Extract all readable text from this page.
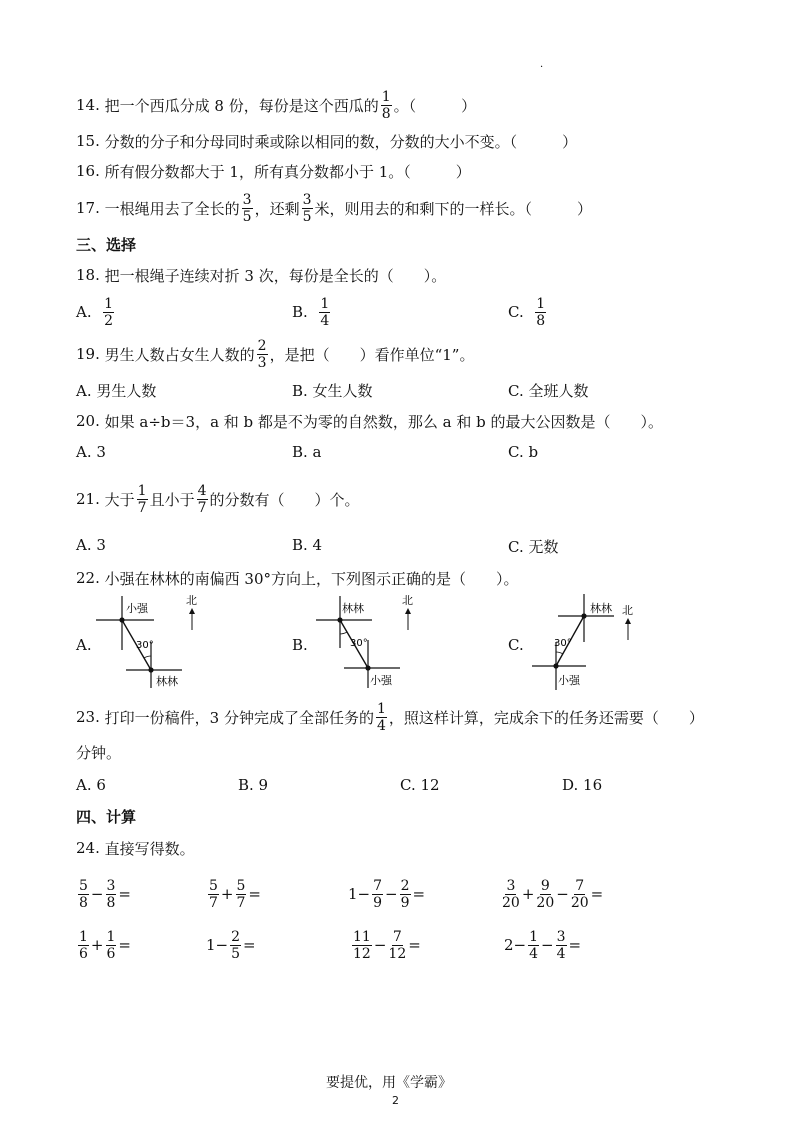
·
14.
把一个西瓜分成 8 份，每份是这个西瓜的 $\frac{1}{8}$ 。（　　　）
15.
分数的分子和分母同时乘或除以相同的数，分数的大小不变。（　　　）
16.
所有假分数都大于 1，所有真分数都小于 1。（　　　）
17.
一根绳用去了全长的 $\frac{3}{5}$ ，还剩 $\frac{3}{5}$ 米，则用去的和剩下的一样长。（　　　）
三、选择
18.
把一根绳子连续对折 3 次，每份是全长的（　　）。
A.
$\frac{1}{2}$	B.
$\frac{1}{4}$	C.
$\frac{1}{8}$
19.
男生人数占女生人数的 $\frac{2}{3}$ ，是把（　　）看作单位“1”。
A. 男生人数	B. 女生人数	C. 全班人数
20.
如果 a÷b＝3，a 和 b 都是不为零的自然数，那么 a 和 b 的最大公因数是（　　）。
A. 3	B. a	C. b
21.
大于 $\frac{1}{7}$ 且小于 $\frac{4}{7}$ 的分数有（　　）个。
A. 3	B. 4	C. 无数
22.
小强在林林的南偏西 30°方向上，下列图示正确的是（　　）。
A.	B.	C.
小强
30°
林林
北
林林
30°
小强
北
林林
30°
小强
北
23.
打印一份稿件，3 分钟完成了全部任务的 $\frac{1}{4}$ ，照这样计算，完成余下的任务还需要（　　）
分钟。
A. 6	B. 9	C. 12	D. 16
四、计算
24.
直接写得数。
$\frac{5}{8} - \frac{3}{8}$ =	$\frac{5}{7} + \frac{5}{7}$ =	$1- \frac{7}{9} - \frac{2}{9}$ =	$\frac{3}{20} + \frac{9}{20} - \frac{7}{20}$ =
$\frac{1}{6} + \frac{1}{6}$ =	$1- \frac{2}{5}$ =	$\frac{11}{12} - \frac{7}{12}$ =	$2- \frac{1}{4} - \frac{3}{4}$ =
要提优，用《学霸》
2
